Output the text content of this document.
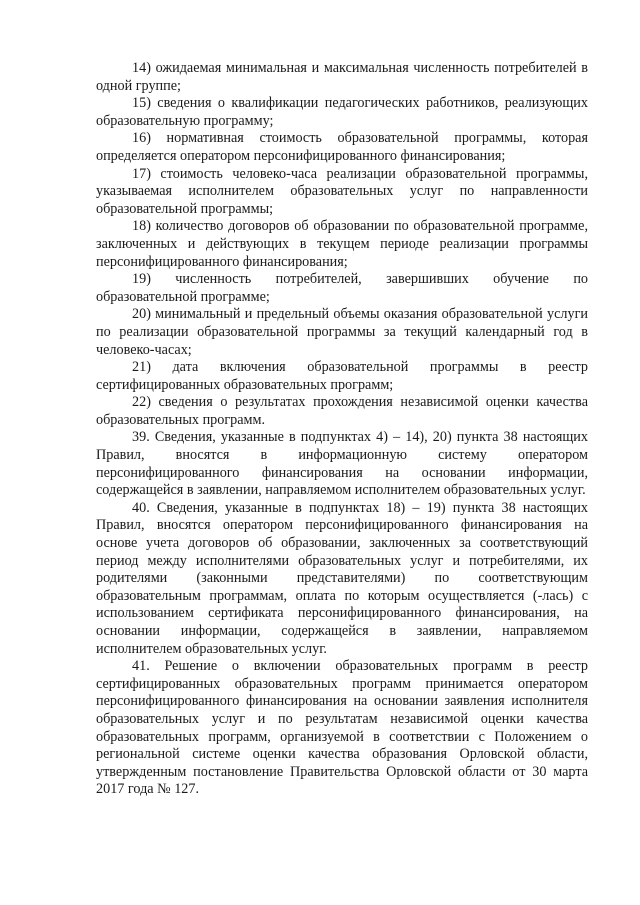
14) ожидаемая минимальная и максимальная численность потребителей в одной группе;

15) сведения о квалификации педагогических работников, реализующих образовательную программу;

16) нормативная стоимость образовательной программы, которая определяется оператором персонифицированного финансирования;

17) стоимость человеко-часа реализации образовательной программы, указываемая исполнителем образовательных услуг по направленности образовательной программы;

18) количество договоров об образовании по образовательной программе, заключенных и действующих в текущем периоде реализации программы персонифицированного финансирования;

19) численность потребителей, завершивших обучение по образовательной программе;

20) минимальный и предельный объемы оказания образовательной услуги по реализации образовательной программы за текущий календарный год в человеко-часах;

21) дата включения образовательной программы в реестр сертифицированных образовательных программ;

22) сведения о результатах прохождения независимой оценки качества образовательных программ.

39. Сведения, указанные в подпунктах 4) – 14), 20) пункта 38 настоящих Правил, вносятся в информационную систему оператором персонифицированного финансирования на основании информации, содержащейся в заявлении, направляемом исполнителем образовательных услуг.

40. Сведения, указанные в подпунктах 18) – 19) пункта 38 настоящих Правил, вносятся оператором персонифицированного финансирования на основе учета договоров об образовании, заключенных за соответствующий период между исполнителями образовательных услуг и потребителями, их родителями (законными представителями) по соответствующим образовательным программам, оплата по которым осуществляется (-лась) с использованием сертификата персонифицированного финансирования, на основании информации, содержащейся в заявлении, направляемом исполнителем образовательных услуг.

41. Решение о включении образовательных программ в реестр сертифицированных образовательных программ принимается оператором персонифицированного финансирования на основании заявления исполнителя образовательных услуг и по результатам независимой оценки качества образовательных программ, организуемой в соответствии с Положением о региональной системе оценки качества образования Орловской области, утвержденным постановление Правительства Орловской области от 30 марта 2017 года № 127.
